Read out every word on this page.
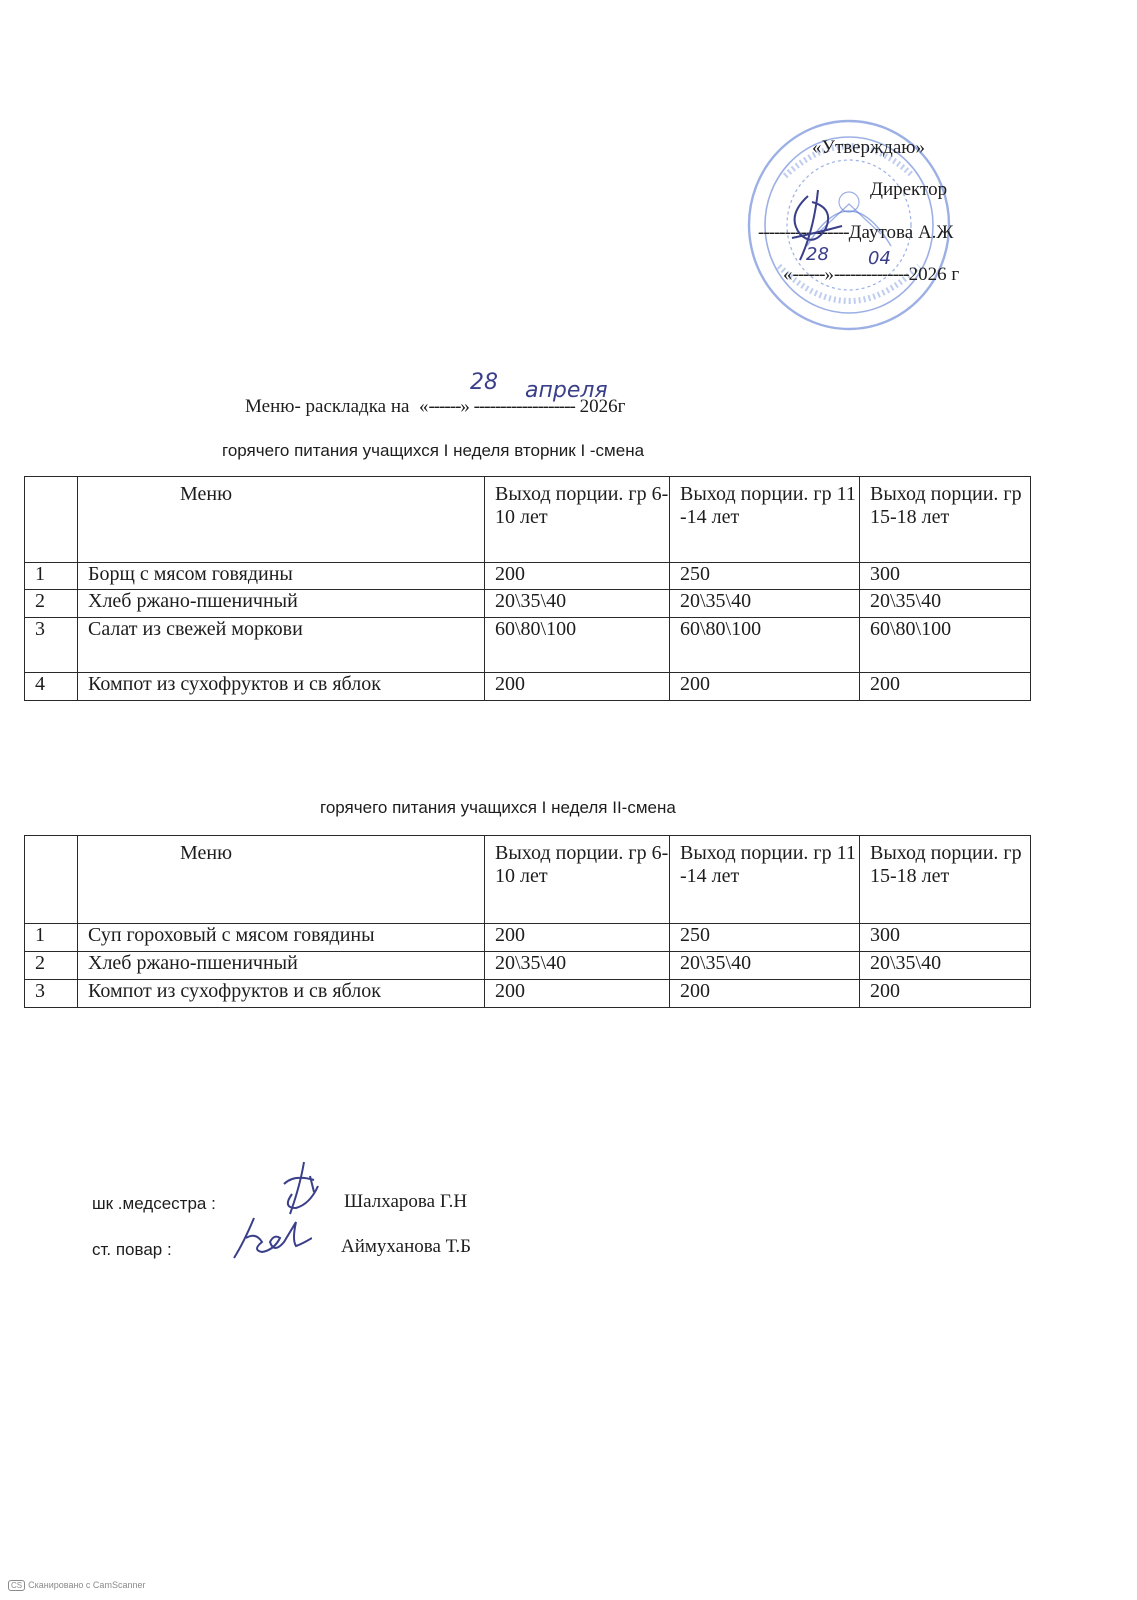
«Утверждаю»
Директор
-----------------Даутова А.Ж
«------»--------------2026 г
28 04
Меню- раскладка на «------» ------------------- 2026г
28 апреля
горячего питания учащихся I неделя вторник I -смена
	Меню	Выход порции. гр 6-10 лет	Выход порции. гр 11 -14 лет	Выход порции. гр 15-18 лет
1	Борщ с мясом говядины	200	250	300
2	Хлеб ржано-пшеничный	20\35\40	20\35\40	20\35\40
3	Салат из свежей моркови	60\80\100	60\80\100	60\80\100
4	Компот из сухофруктов и св яблок	200	200	200
горячего питания учащихся I неделя II-смена
	Меню	Выход порции. гр 6-10 лет	Выход порции. гр 11 -14 лет	Выход порции. гр 15-18 лет
1	Суп гороховый с мясом говядины	200	250	300
2	Хлеб ржано-пшеничный	20\35\40	20\35\40	20\35\40
3	Компот из сухофруктов и св яблок	200	200	200
шк .медсестра :	Шалхарова Г.Н
ст. повар :	Аймуханова Т.Б
CS Сканировано с CamScanner
